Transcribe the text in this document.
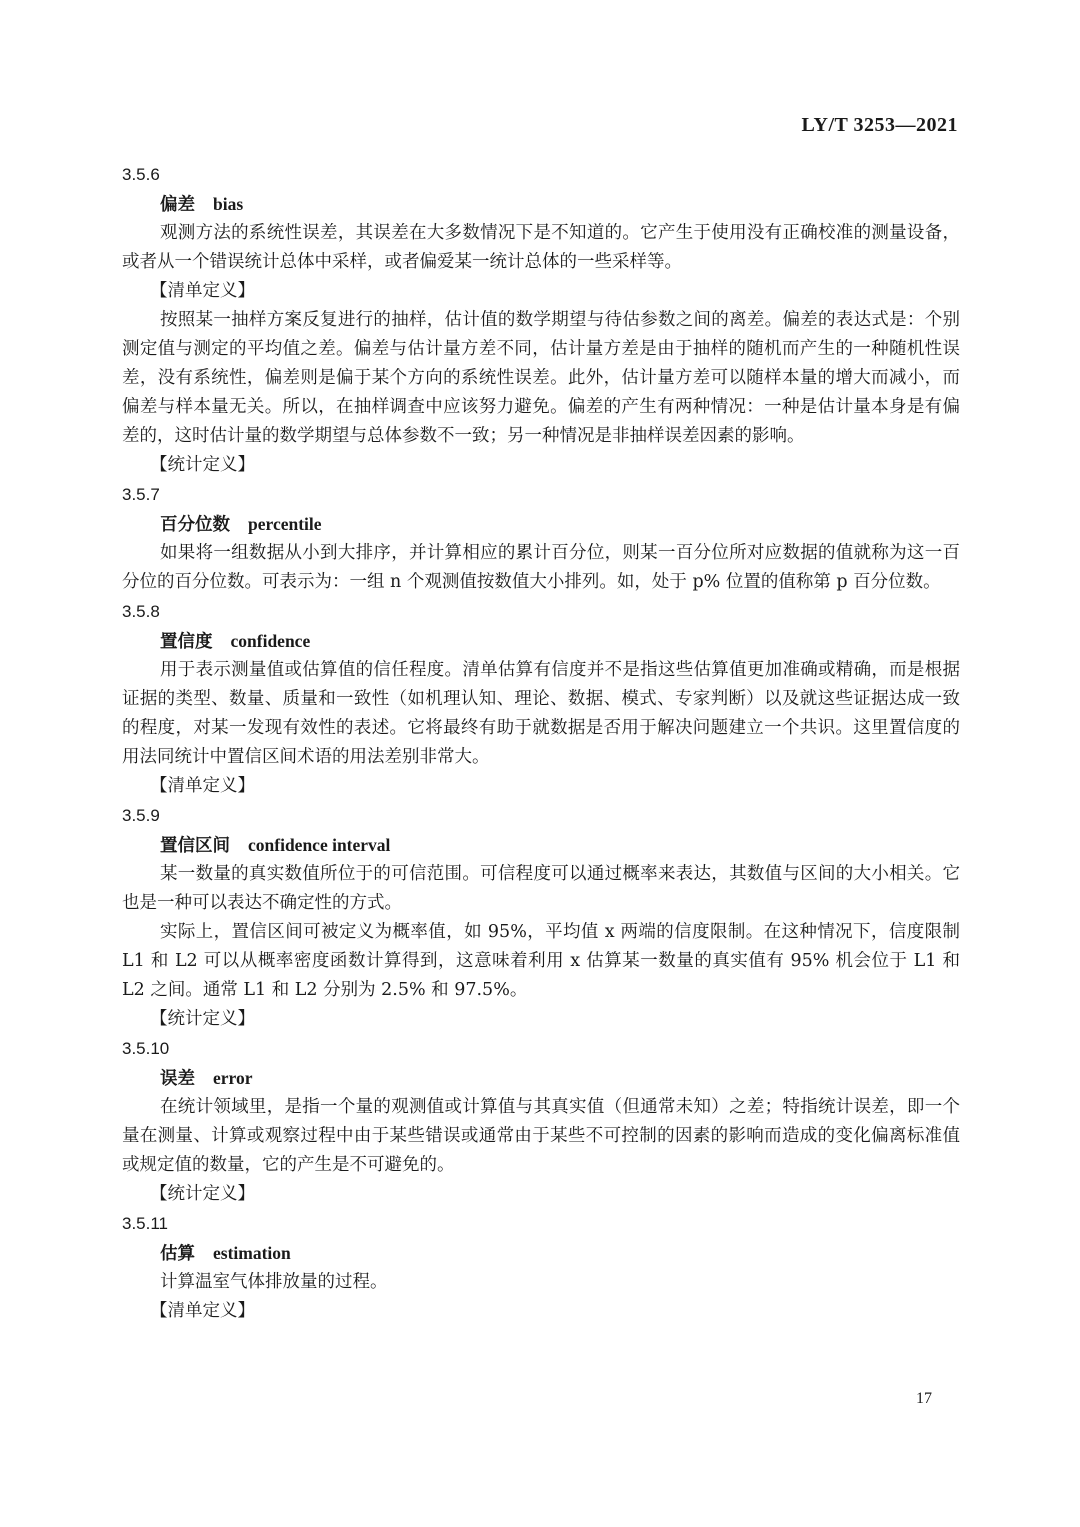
LY/T 3253—2021
3.5.6
偏差 bias

观测方法的系统性误差，其误差在大多数情况下是不知道的。它产生于使用没有正确校准的测量设备，或者从一个错误统计总体中采样，或者偏爱某一统计总体的一些采样等。

【清单定义】

按照某一抽样方案反复进行的抽样，估计值的数学期望与待估参数之间的离差。偏差的表达式是：个别测定值与测定的平均值之差。偏差与估计量方差不同，估计量方差是由于抽样的随机而产生的一种随机性误差，没有系统性，偏差则是偏于某个方向的系统性误差。此外，估计量方差可以随样本量的增大而减小，而偏差与样本量无关。所以，在抽样调查中应该努力避免。偏差的产生有两种情况：一种是估计量本身是有偏差的，这时估计量的数学期望与总体参数不一致；另一种情况是非抽样误差因素的影响。

【统计定义】
3.5.7
百分位数 percentile

如果将一组数据从小到大排序，并计算相应的累计百分位，则某一百分位所对应数据的值就称为这一百分位的百分位数。可表示为：一组 n 个观测值按数值大小排列。如，处于 p% 位置的值称第 p 百分位数。

3.5.8
置信度 confidence

用于表示测量值或估算值的信任程度。清单估算有信度并不是指这些估算值更加准确或精确，而是根据证据的类型、数量、质量和一致性（如机理认知、理论、数据、模式、专家判断）以及就这些证据达成一致的程度，对某一发现有效性的表述。它将最终有助于就数据是否用于解决问题建立一个共识。这里置信度的用法同统计中置信区间术语的用法差别非常大。

【清单定义】
3.5.9
置信区间 confidence interval

某一数量的真实数值所位于的可信范围。可信程度可以通过概率来表达，其数值与区间的大小相关。它也是一种可以表达不确定性的方式。

实际上，置信区间可被定义为概率值，如 95%，平均值 x 两端的信度限制。在这种情况下，信度限制 L1 和 L2 可以从概率密度函数计算得到，这意味着利用 x 估算某一数量的真实值有 95% 机会位于 L1 和 L2 之间。通常 L1 和 L2 分别为 2.5% 和 97.5%。

【统计定义】
3.5.10
误差 error

在统计领域里，是指一个量的观测值或计算值与其真实值（但通常未知）之差；特指统计误差，即一个量在测量、计算或观察过程中由于某些错误或通常由于某些不可控制的因素的影响而造成的变化偏离标准值或规定值的数量，它的产生是不可避免的。

【统计定义】
3.5.11
估算 estimation

计算温室气体排放量的过程。

【清单定义】
17
